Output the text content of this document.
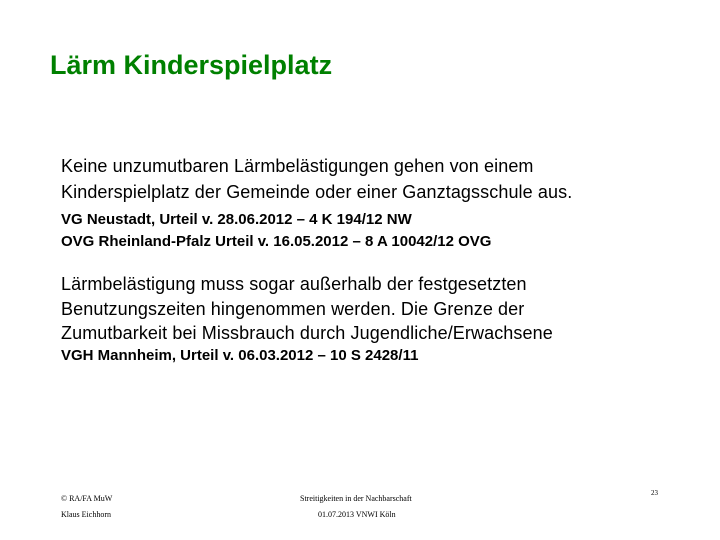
Lärm Kinderspielplatz
Keine unzumutbaren Lärmbelästigungen gehen von einem
Kinderspielplatz der Gemeinde oder einer Ganztagsschule aus.
VG Neustadt, Urteil v. 28.06.2012 – 4 K 194/12 NW
OVG Rheinland-Pfalz Urteil v. 16.05.2012 – 8 A 10042/12 OVG
Lärmbelästigung muss sogar außerhalb der festgesetzten
Benutzungszeiten hingenommen werden. Die Grenze der
Zumutbarkeit bei Missbrauch durch Jugendliche/Erwachsene
VGH Mannheim, Urteil v. 06.03.2012 – 10 S 2428/11
© RA/FA MuW
Klaus Eichhorn
Streitigkeiten in der Nachbarschaft
01.07.2013 VNWI Köln
23
